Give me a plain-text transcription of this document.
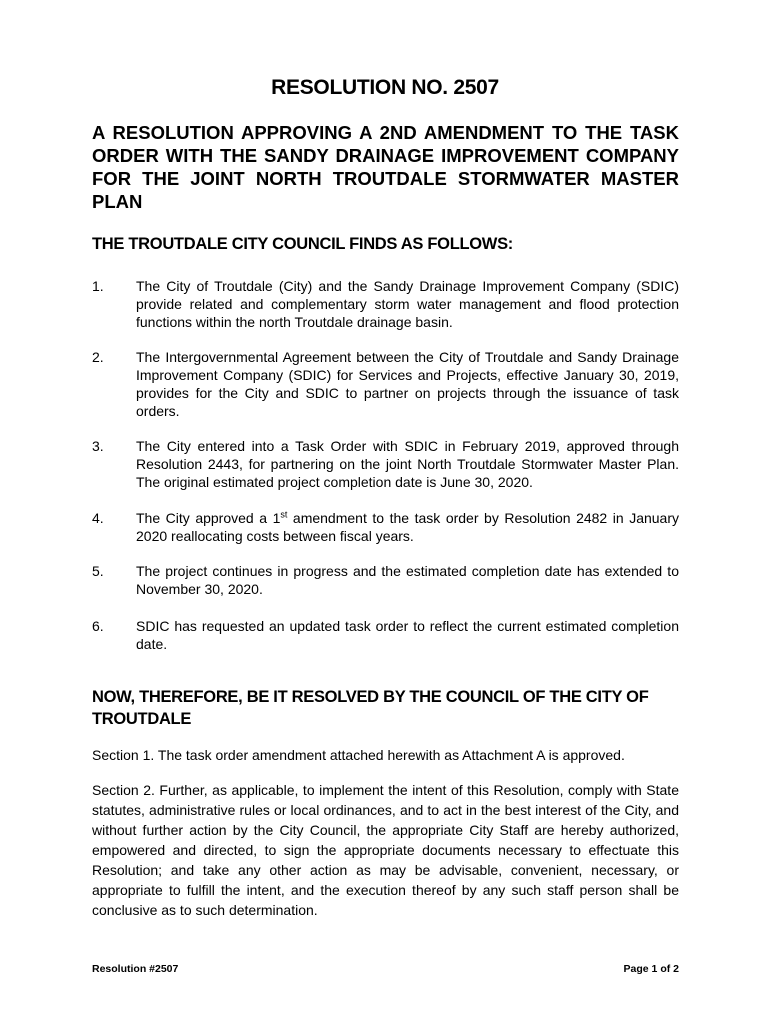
RESOLUTION NO. 2507
A RESOLUTION APPROVING A 2ND AMENDMENT TO THE TASK ORDER WITH THE SANDY DRAINAGE IMPROVEMENT COMPANY FOR THE JOINT NORTH TROUTDALE STORMWATER MASTER PLAN
THE TROUTDALE CITY COUNCIL FINDS AS FOLLOWS:
1. The City of Troutdale (City) and the Sandy Drainage Improvement Company (SDIC) provide related and complementary storm water management and flood protection functions within the north Troutdale drainage basin.
2. The Intergovernmental Agreement between the City of Troutdale and Sandy Drainage Improvement Company (SDIC) for Services and Projects, effective January 30, 2019, provides for the City and SDIC to partner on projects through the issuance of task orders.
3. The City entered into a Task Order with SDIC in February 2019, approved through Resolution 2443, for partnering on the joint North Troutdale Stormwater Master Plan. The original estimated project completion date is June 30, 2020.
4. The City approved a 1st amendment to the task order by Resolution 2482 in January 2020 reallocating costs between fiscal years.
5. The project continues in progress and the estimated completion date has extended to November 30, 2020.
6. SDIC has requested an updated task order to reflect the current estimated completion date.
NOW, THEREFORE, BE IT RESOLVED BY THE COUNCIL OF THE CITY OF TROUTDALE

Section 1. The task order amendment attached herewith as Attachment A is approved.

Section 2. Further, as applicable, to implement the intent of this Resolution, comply with State statutes, administrative rules or local ordinances, and to act in the best interest of the City, and without further action by the City Council, the appropriate City Staff are hereby authorized, empowered and directed, to sign the appropriate documents necessary to effectuate this Resolution; and take any other action as may be advisable, convenient, necessary, or appropriate to fulfill the intent, and the execution thereof by any such staff person shall be conclusive as to such determination.

Resolution #2507	Page 1 of 2
